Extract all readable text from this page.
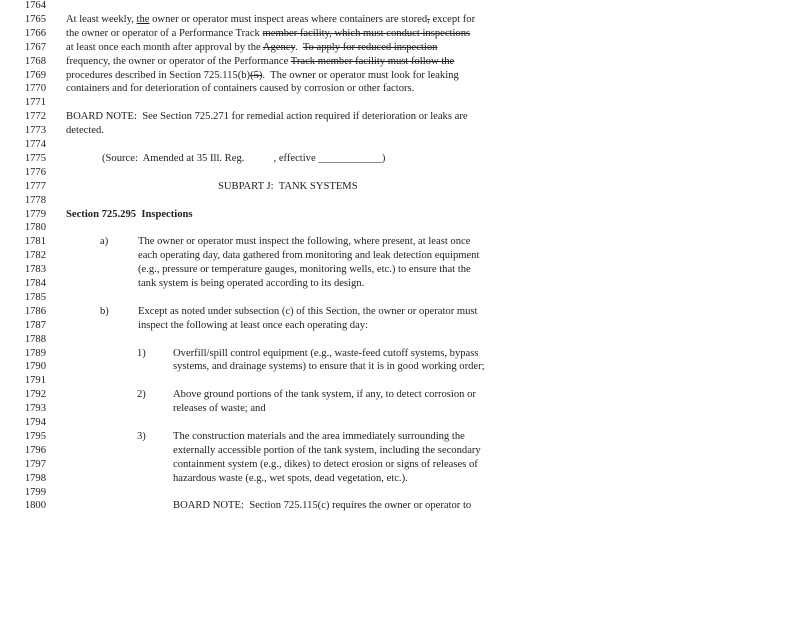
1764
1765 At least weekly, the owner or operator must inspect areas where containers are stored, except for
1766 the owner or operator of a Performance Track member facility, which must conduct inspections
1767 at least once each month after approval by the Agency.  To apply for reduced inspection
1768 frequency, the owner or operator of the Performance Track member facility must follow the
1769 procedures described in Section 725.115(b)(5).  The owner or operator must look for leaking
1770 containers and for deterioration of containers caused by corrosion or other factors.
1771
1772 BOARD NOTE:  See Section 725.271 for remedial action required if deterioration or leaks are
1773 detected.
1774
1775	(Source:  Amended at 35 Ill. Reg.           , effective ____________)
1776
1777	SUBPART J:  TANK SYSTEMS
1778
1779 Section 725.295  Inspections
1780
1781	a)	The owner or operator must inspect the following, where present, at least once
1782	each operating day, data gathered from monitoring and leak detection equipment
1783	(e.g., pressure or temperature gauges, monitoring wells, etc.) to ensure that the
1784	tank system is being operated according to its design.
1785
1786	b)	Except as noted under subsection (c) of this Section, the owner or operator must
1787	inspect the following at least once each operating day:
1788
1789	1)	Overfill/spill control equipment (e.g., waste-feed cutoff systems, bypass
1790	systems, and drainage systems) to ensure that it is in good working order;
1791
1792	2)	Above ground portions of the tank system, if any, to detect corrosion or
1793	releases of waste; and
1794
1795	3)	The construction materials and the area immediately surrounding the
1796	externally accessible portion of the tank system, including the secondary
1797	containment system (e.g., dikes) to detect erosion or signs of releases of
1798	hazardous waste (e.g., wet spots, dead vegetation, etc.).
1799
1800	BOARD NOTE:  Section 725.115(c) requires the owner or operator to
